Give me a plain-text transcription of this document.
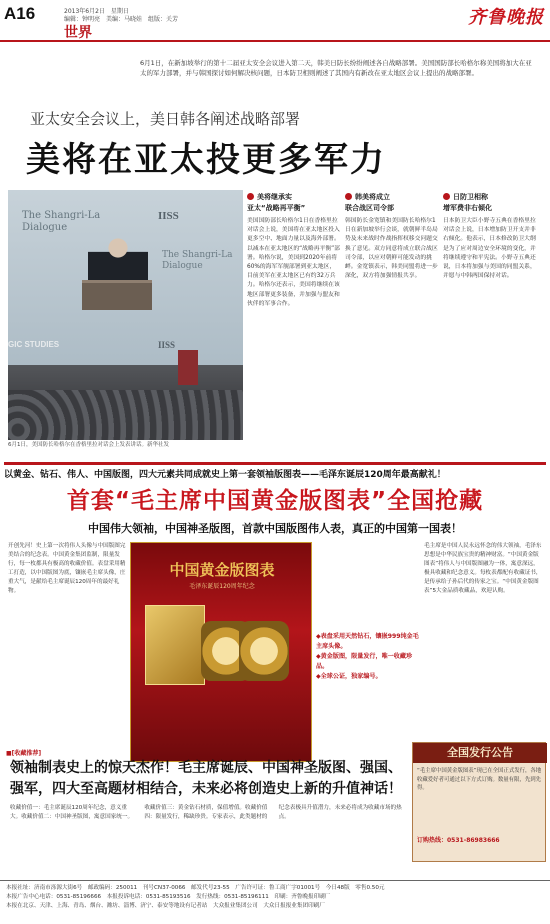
A16	2013年6月2日　星期日
编辑：钟明亮　美编：马晓娃　组版：关芳
世界
齐鲁晚报
6月1日，在新加坡举行的第十二届亚太安全会议进入第二天，韩美日防长纷纷阐述各自战略部署。美国国防部长哈格尔称美国将加大在亚太的军力部署，并与韩国探讨如何解决核问题，日本防卫相则阐述了其国内有新改在亚太地区会议上提出的战略部署。
亚太安全会议上，美日韩各阐述战略部署
美将在亚太投更多军力
The Shangri-La
Dialogue
IISS
The Shangri-La
Dialogue
IISS
GIC STUDIES
6月1日，美国防长哈格尔在香格里拉对话会上发表讲话。新华社发
美将继承实
亚太“战略再平衡”
美国国防部长哈格尔1日在香格里拉对话会上说，美国将在亚太地区投入更多空中、地面力量以及海外部署。以减本在亚太地区的“战略再平衡”部署。哈格尔说，美国到2020年前将60%的海军军舰部署到亚太地区，目前美军在亚太地区已有约32万兵力。哈格尔还表示，美国将继续在该地区部署更多装备，并加强与盟友和伙伴的军事合作。
韩美将成立
联合战区司令部
韩国防长金宽镇和美国防长哈格尔1日在新加坡举行会谈，就朝鲜半岛局势及未来战时作战指挥权移交问题交换了意见。双方同意将成立联合战区司令部，以应对朝鲜可能发动的挑衅。金宽镇表示，韩美同盟将进一步深化，双方将加强情报共享。
日防卫相称
增军费非右倾化
日本防卫大臣小野寺五典在香格里拉对话会上说，日本增加防卫开支并非右倾化。他表示，日本修改防卫大纲是为了应对周边安全环境的变化，并将继续遵守和平宪法。小野寺五典还说，日本将加强与美国的同盟关系，并愿与中韩两国保持对话。
以黄金、钻石、伟人、中国版图，四大元素共同成就史上第一套领袖版图表——毛泽东诞辰120周年最高献礼！
首套“毛主席中国黄金版图表”全国抢藏
中国伟大领袖，中国神圣版图，首款中国版图伟人表，真正的中国第一国表！
开创先河！史上第一次将伟人头像与中国版图完美结合的纪念表。中国黄金集团监制，限量发行，每一枚都具有极高的收藏价值。表盘采用精工打造，以中国版图为底，镶嵌毛主席头像，庄重大气，是献给毛主席诞辰120周年的最好礼物。
中国黄金版图表
毛泽东诞辰120周年纪念
◆表盘采用天然钻石，镶嵌999纯金毛主席头像。
◆黄金版图，限量发行，唯一收藏珍品。
◆全球公证，独家编号。
毛主席是中国人民永远怀念的伟大领袖，毛泽东思想是中华民族宝贵的精神财富。“中国黄金版图表”将伟人与中国版图融为一体，寓意深远，极具收藏和纪念意义。每枚表都配有收藏证书，是传承给子孙后代的传家之宝。“中国黄金版图表”5大金品质收藏品，欢迎认购。
■[收藏推荐]
领袖制表史上的惊天杰作！毛主席诞辰、中国神圣版图、强国、强军，四大至高题材相结合，未来必将创造史上新的升值神话！
收藏价值一：毛主席诞辰120周年纪念，意义重大。收藏价值二：中国神圣版图，寓意国家统一。收藏价值三：黄金钻石材质，保值增值。收藏价值四：限量发行，稀缺珍贵。专家表示，此类题材的纪念表极具升值潜力，未来必将成为收藏市场的热点。
全国发行公告
“毛主席中国黄金版图表”现已在全国正式发行，各地收藏爱好者可通过以下方式订购。数量有限，先到先得。
订购热线：0531-86983666
本报社址：济南市泺源大街6号　邮政编码：250011　刊号CN37-0066　邮发代号23-55　广告许可证：鲁工商广字01001号　今日48版　零售0.50元
本报广告中心电话：0531-85196666　本报投诉电话：0531-85193516　发行热线：0531-85196111　印刷：齐鲁晚报印刷厂
本报在北京、天津、上海、青岛、烟台、潍坊、淄博、济宁、泰安等地设有记者站　大众报业集团公司　大众日报报业集团印刷厂
